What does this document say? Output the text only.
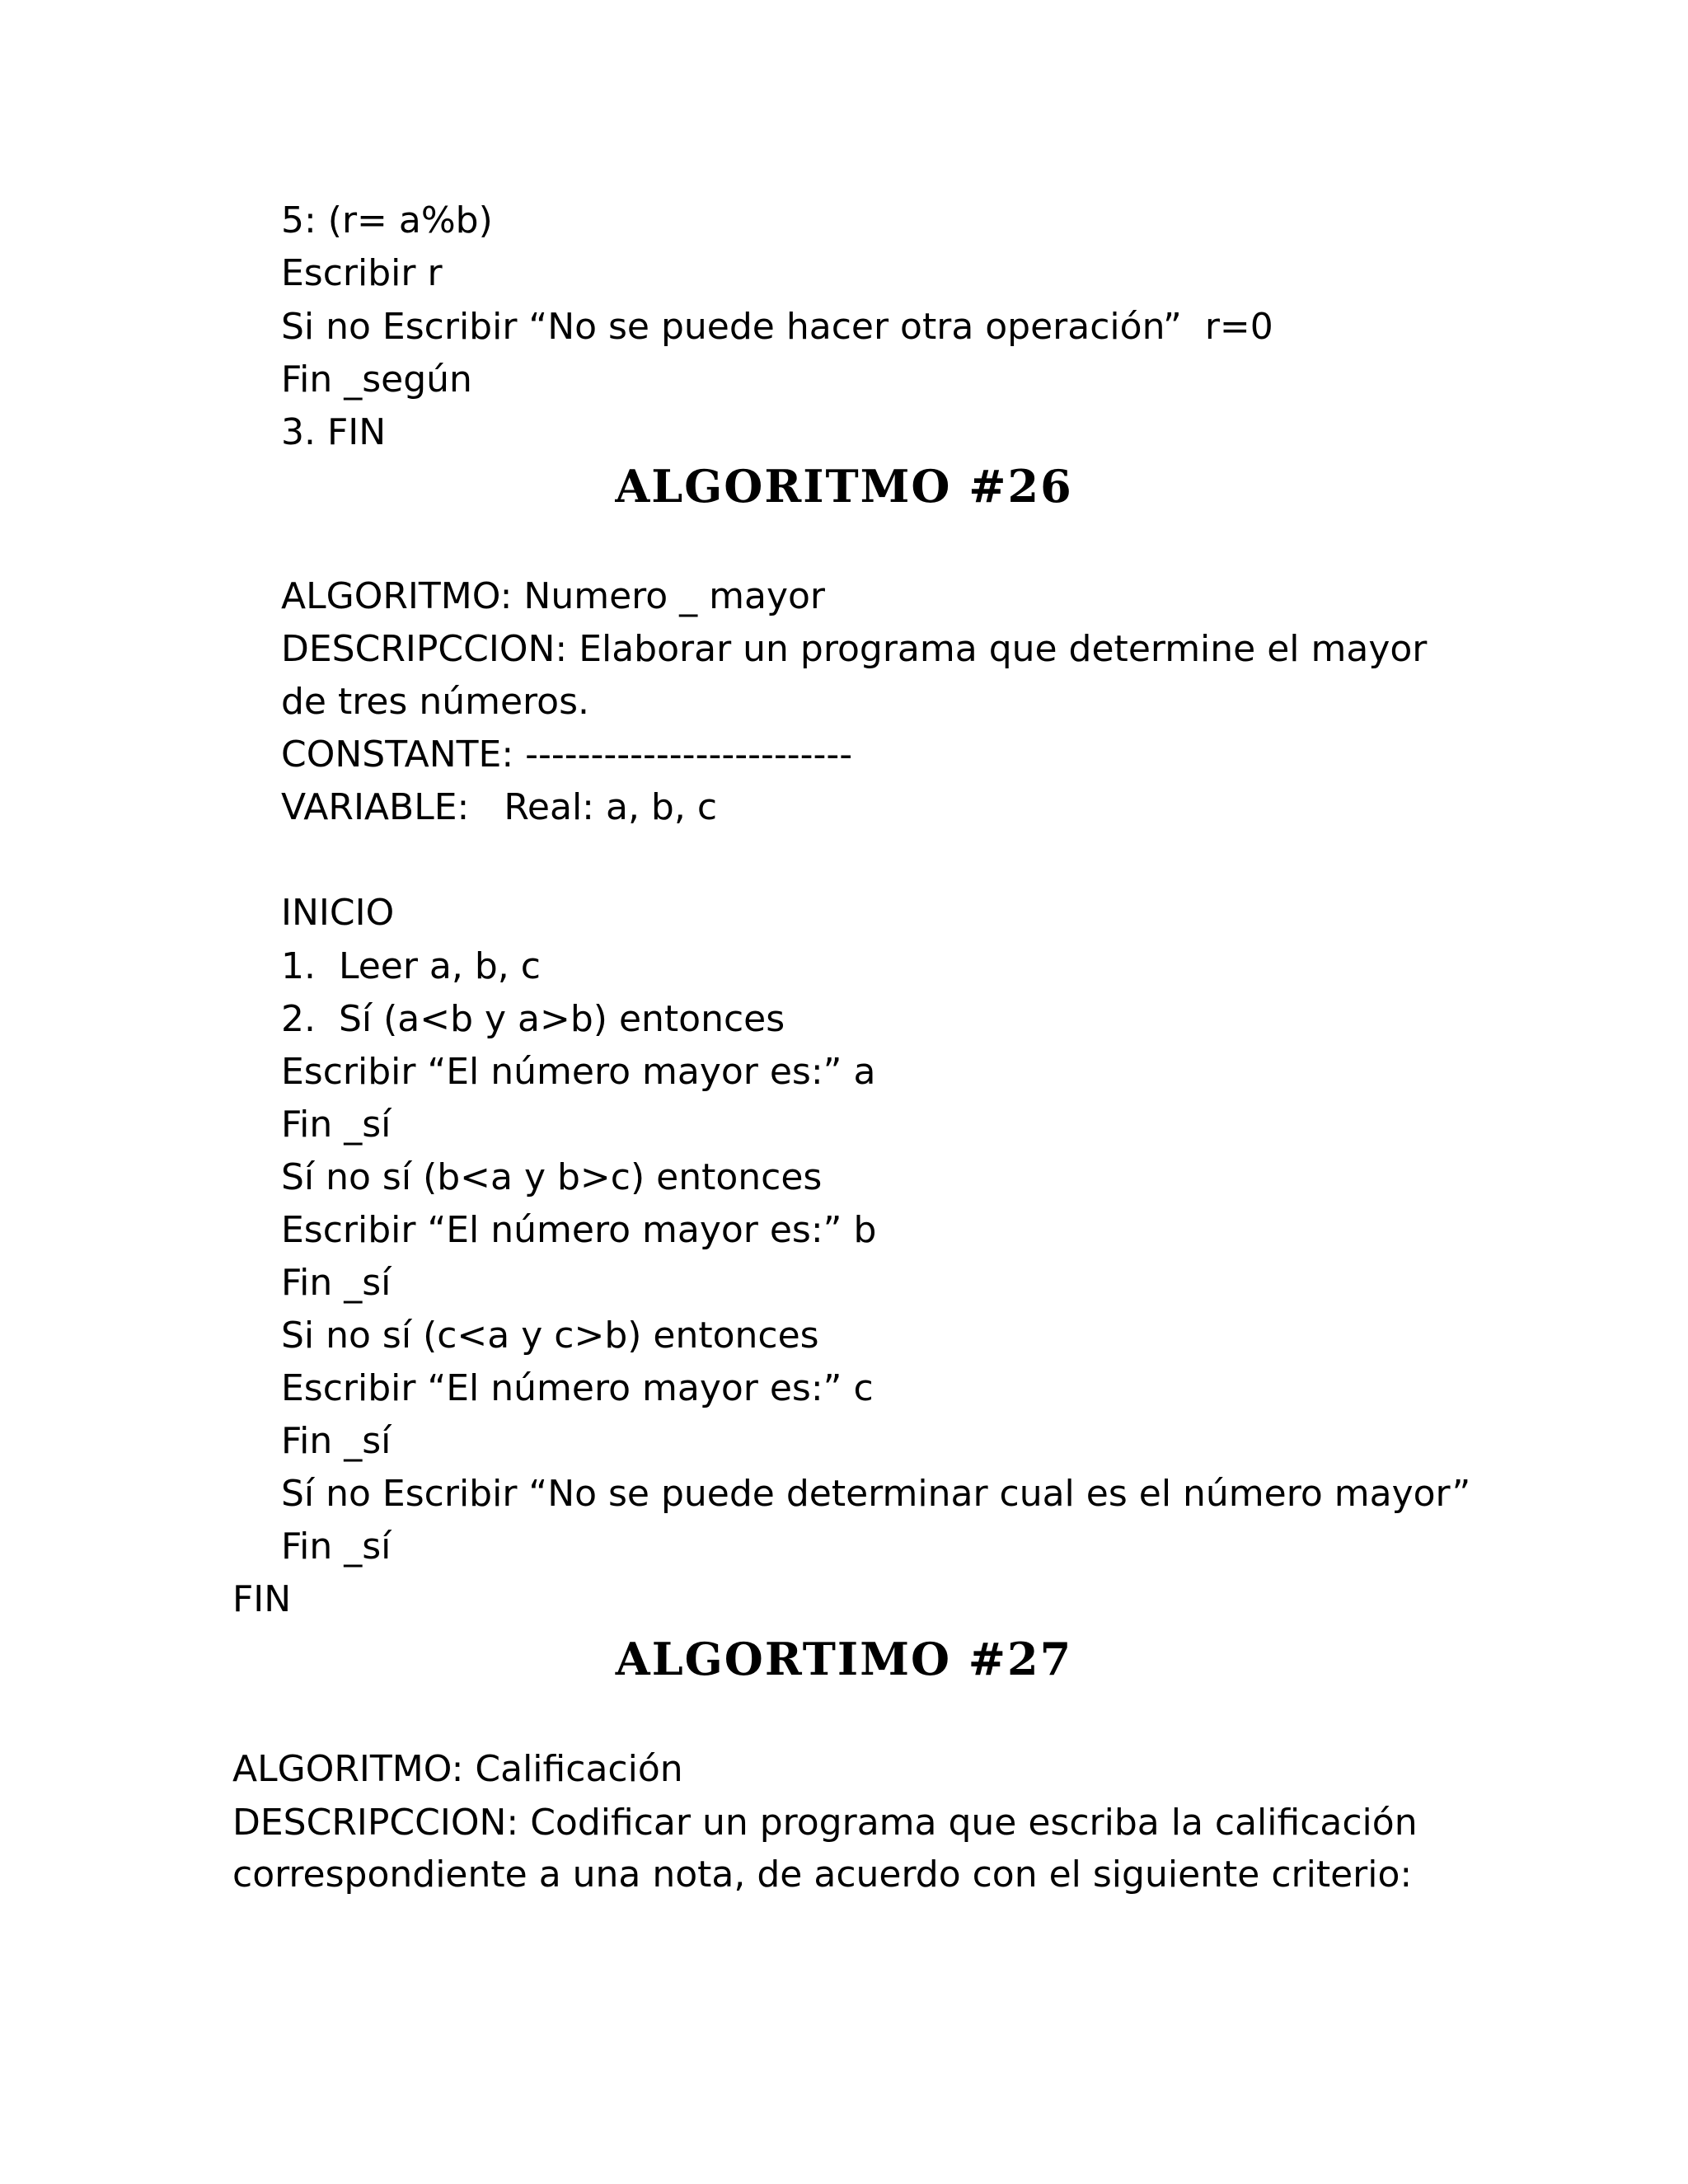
5: (r= a%b)

Escribir r

Si no Escribir “No se puede hacer otra operación”  r=0

Fin _según

3. FIN

ALGORITMO #26

ALGORITMO: Numero _ mayor

DESCRIPCCION: Elaborar un programa que determine el mayor

de tres números.

CONSTANTE: -------------------------

VARIABLE:   Real: a, b, c

INICIO

1.  Leer a, b, c

2.  Sí (a<b y a>b) entonces

Escribir “El número mayor es:” a

Fin _sí

Sí no sí (b<a y b>c) entonces

Escribir “El número mayor es:” b

Fin _sí

Si no sí (c<a y c>b) entonces

Escribir “El número mayor es:” c

Fin _sí

Sí no Escribir “No se puede determinar cual es el número mayor”

Fin _sí

FIN

ALGORTIMO #27

ALGORITMO: Calificación

DESCRIPCCION: Codificar un programa que escriba la calificación

correspondiente a una nota, de acuerdo con el siguiente criterio:
